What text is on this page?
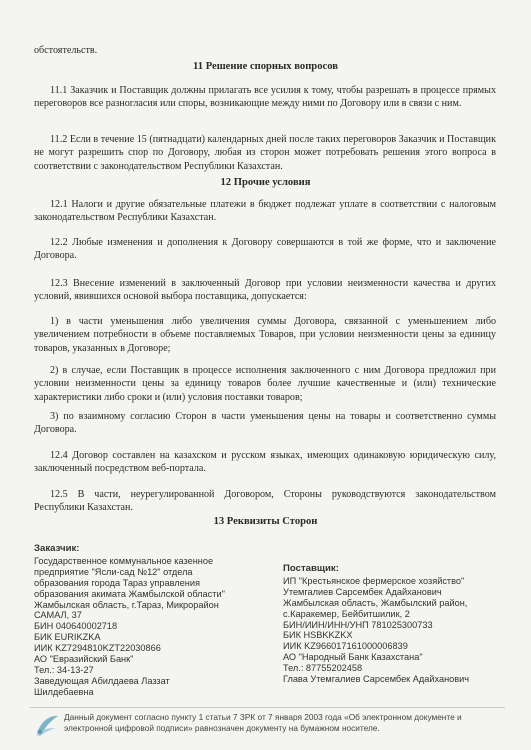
обстоятельств.

11 Решение спорных вопросов

11.1 Заказчик и Поставщик должны прилагать все усилия к тому, чтобы разрешать в процессе прямых переговоров все разногласия или споры, возникающие между ними по Договору или в связи с ним.

11.2 Если в течение 15 (пятнадцати) календарных дней после таких переговоров Заказчик и Поставщик не могут разрешить спор по Договору, любая из сторон может потребовать решения этого вопроса в соответствии с законодательством Республики Казахстан.

12 Прочие условия

12.1 Налоги и другие обязательные платежи в бюджет подлежат уплате в соответствии с налоговым законодательством Республики Казахстан.

12.2 Любые изменения и дополнения к Договору совершаются в той же форме, что и заключение Договора.

12.3 Внесение изменений в заключенный Договор при условии неизменности качества и других условий, явившихся основой выбора поставщика, допускается:

1) в части уменьшения либо увеличения суммы Договора, связанной с уменьшением либо увеличением потребности в объеме поставляемых Товаров, при условии неизменности цены за единицу товаров, указанных в Договоре;

2) в случае, если Поставщик в процессе исполнения заключенного с ним Договора предложил при условии неизменности цены за единицу товаров более лучшие качественные и (или) технические характеристики либо сроки и (или) условия поставки товаров;

3) по взаимному согласию Сторон в части уменьшения цены на товары и соответственно суммы Договора.

12.4 Договор составлен на казахском и русском языках, имеющих одинаковую юридическую силу, заключенный посредством веб-портала.

12.5 В части, неурегулированной Договором, Стороны руководствуются законодательством Республики Казахстан.

13 Реквизиты Сторон

Заказчик:
Государственное коммунальное казенное
предприятие "Ясли-сад №12" отдела
образования города Тараз управления
образования акимата Жамбылской области"
Жамбылская область, г.Тараз, Микрорайон
САМАЛ, 37
БИН 040640002718
БИК EURIKZKA
ИИК KZ7294810KZT22030866
АО "Евразийский Банк"
Тел.: 34-13-27
Заведующая Абилдаева Лаззат
Шилдебаевна
Поставщик:
ИП "Крестьянское фермерское хозяйство"
Утемгалиев Сарсембек Адайханович
Жамбылская область, Жамбылский район,
с.Каракемер, Бейбитшилик, 2
БИН/ИИН/ИНН/УНП 781025300733
БИК HSBKKZKX
ИИК KZ966017161000006839
АО "Народный Банк Казахстана"
Тел.: 87755202458
Глава Утемгалиев Сарсембек Адайханович
Данный документ согласно пункту 1 статьи 7 ЗРК от 7 января 2003 года «Об электронном документе и электронной цифровой подписи» равнозначен документу на бумажном носителе.
